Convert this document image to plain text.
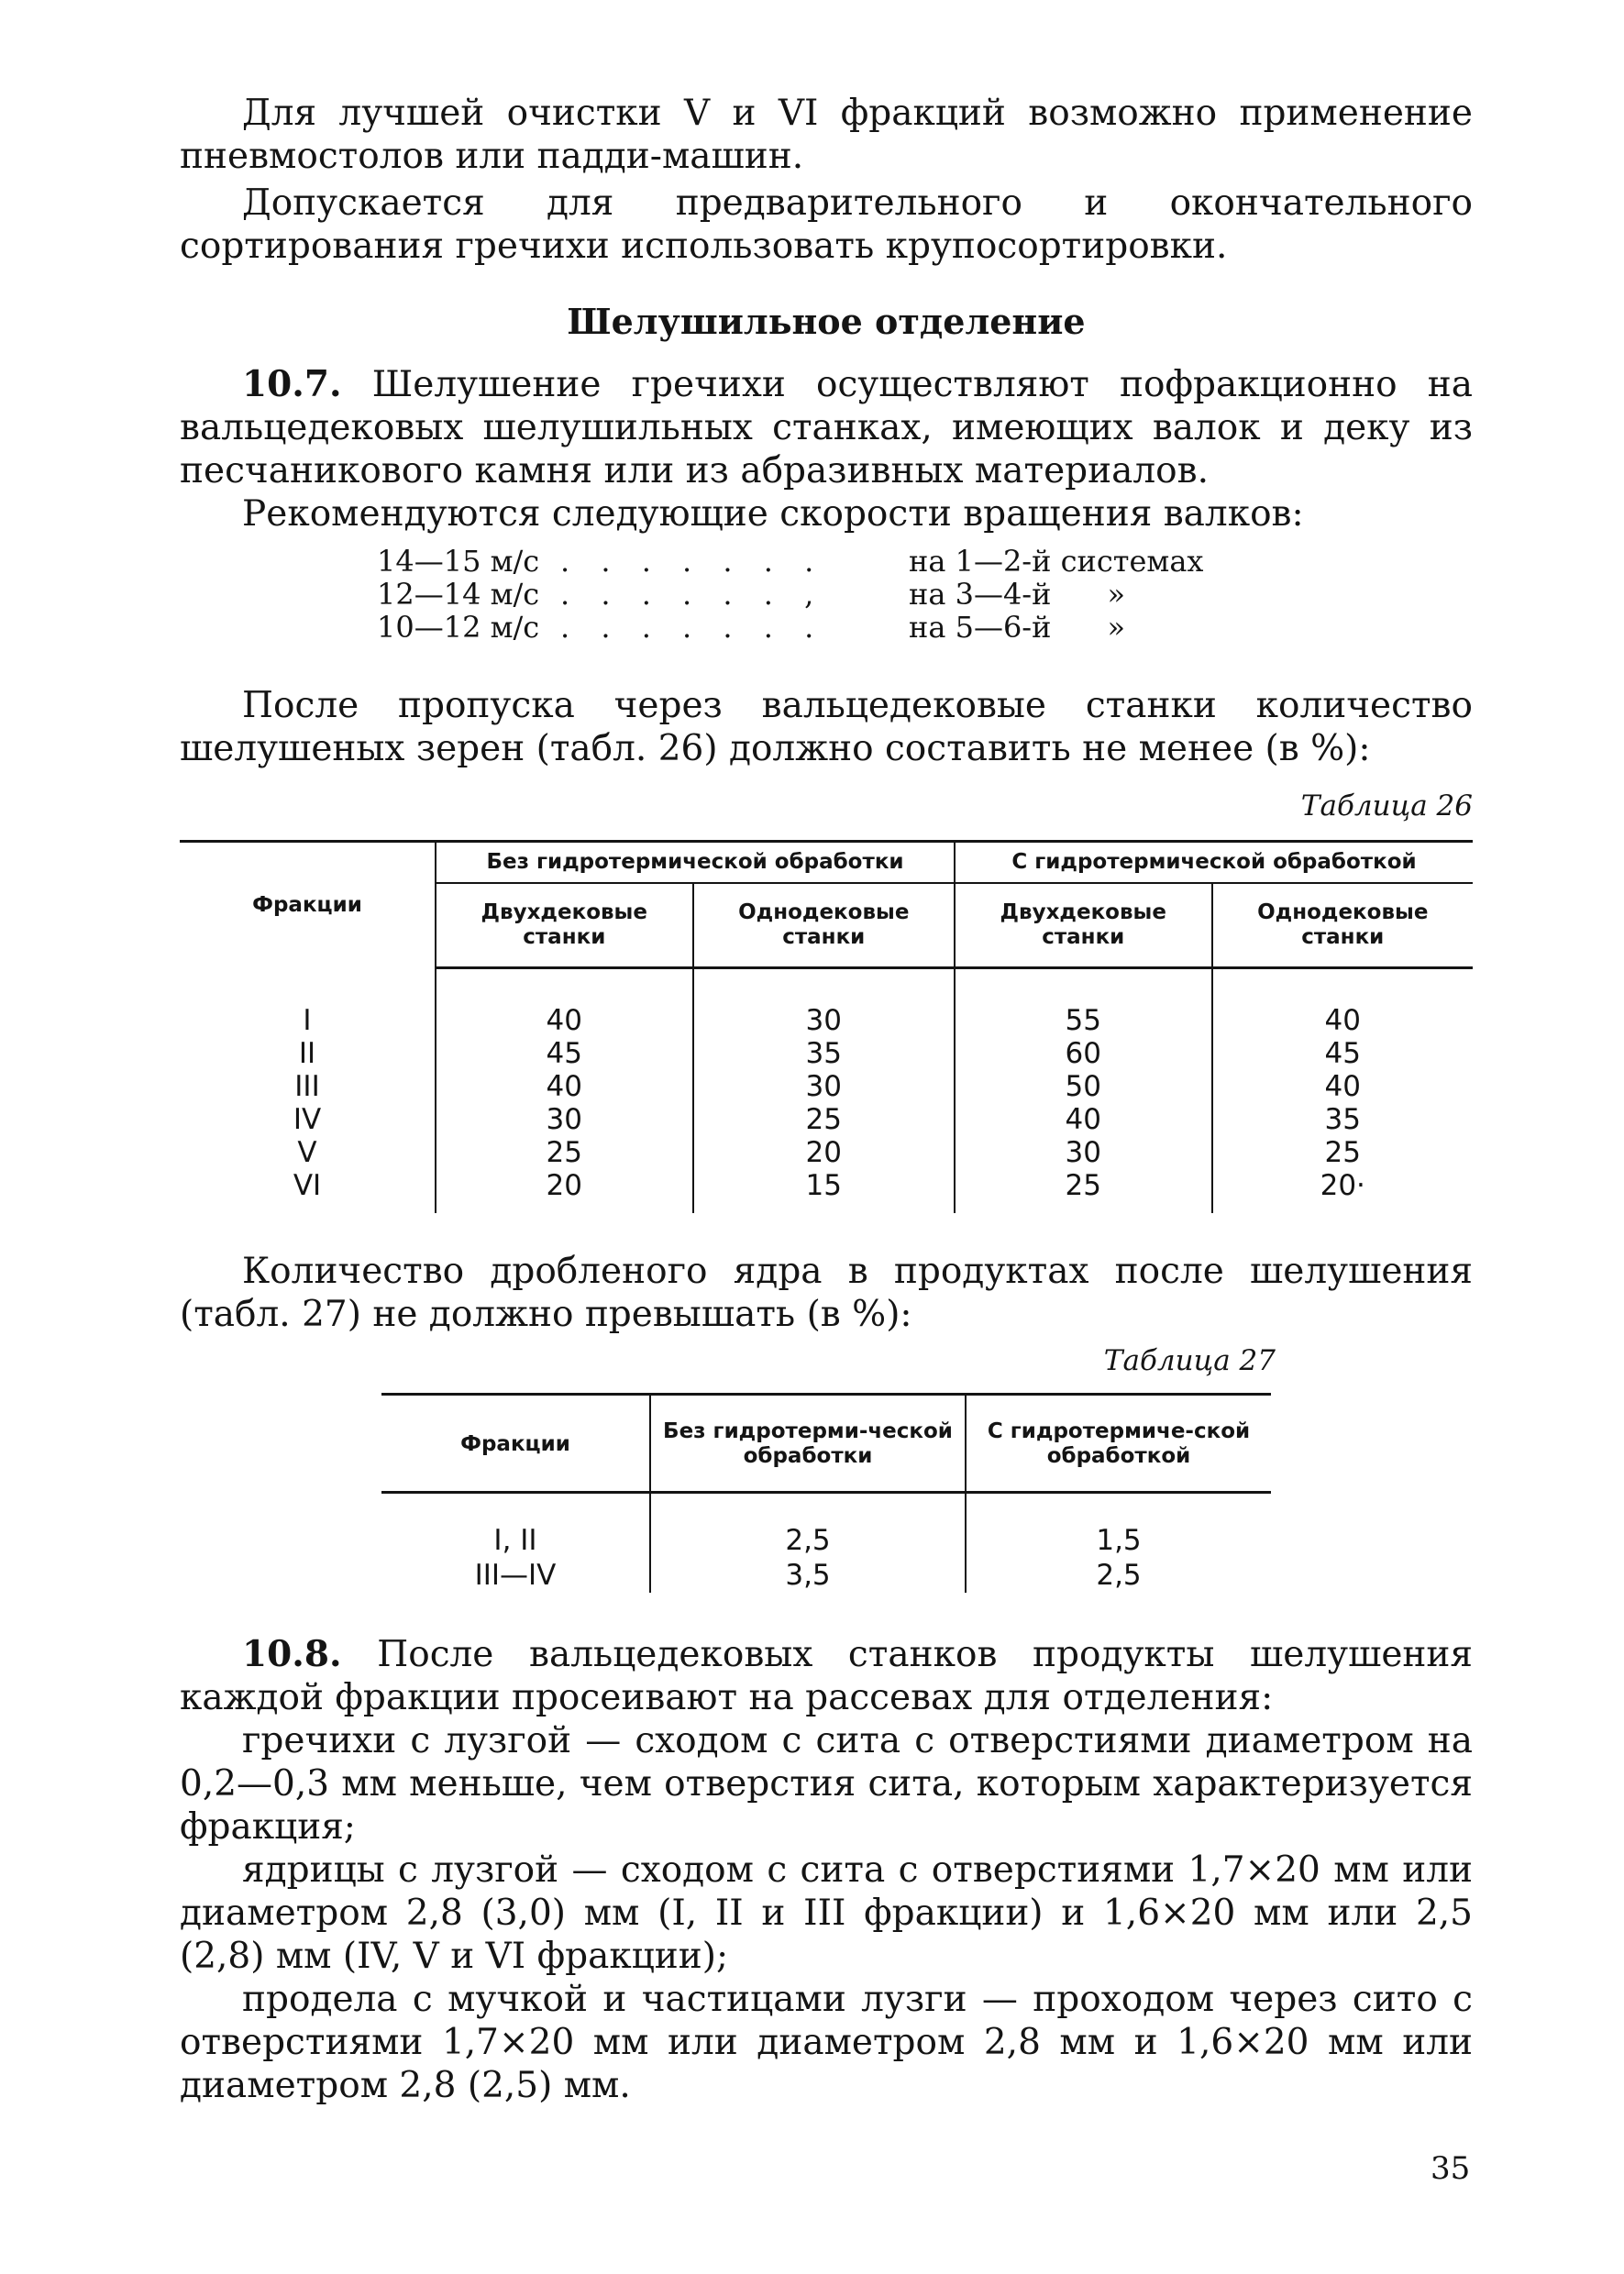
Для лучшей очистки V и VI фракций возможно применение пневмостолов или падди-машин.

Допускается для предварительного и окончательного сортирования гречихи использовать крупосортировки.

Шелушильное отделение

10.7. Шелушение гречихи осуществляют пофракционно на вальцедековых шелушильных станках, имеющих валок и деку из песчаникового камня или из абразивных материалов.

Рекомендуются следующие скорости вращения валков:

14—15 м/с . . . . . . .	на 1—2-й системах
12—14 м/с . . . . . . ,	на 3—4-й      »
10—12 м/с . . . . . . .	на 5—6-й      »

После пропуска через вальцедековые станки количество шелушеных зерен (табл. 26) должно составить не менее (в %):

Таблица 26
Фракции	Без гидротермической обработки		С гидротермической обработкой	
	Двухдековые станки	Однодековые станки	Двухдековые станки	Однодековые станки

I	40	30	55	40
II	45	35	60	45
III	40	30	50	40
IV	30	25	40	35
V	25	20	30	25
VI	20	15	25	20·

Количество дробленого ядра в продуктах после шелушения (табл. 27) не должно превышать (в %):

Таблица 27
Фракции	Без гидротерми-ческой обработки	С гидротермиче-ской обработкой

I, II	2,5	1,5
III—IV	3,5	2,5

10.8. После вальцедековых станков продукты шелушения каждой фракции просеивают на рассевах для отделения:

гречихи с лузгой — сходом с сита с отверстиями диаметром на 0,2—0,3 мм меньше, чем отверстия сита, которым характеризуется фракция;

ядрицы с лузгой — сходом с сита с отверстиями 1,7×20 мм или диаметром 2,8 (3,0) мм (I, II и III фракции) и 1,6×20 мм или 2,5 (2,8) мм (IV, V и VI фракции);

продела с мучкой и частицами лузги — проходом через сито с отверстиями 1,7×20 мм или диаметром 2,8 мм и 1,6×20 мм или диаметром 2,8 (2,5) мм.

35
